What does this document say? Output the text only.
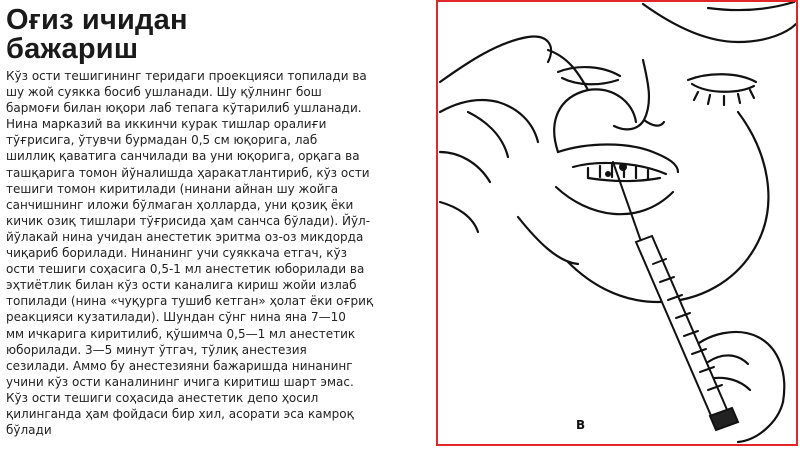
Оғиз ичидан
бажариш

Кўз ости тешигининг теридаги проекцияси топилади ва
шу жой суякка босиб ушланади. Шу қўлнинг бош
бармоғи билан юқори лаб тепага кўтарилиб ушланади.
Нина марказий ва иккинчи курак тишлар оралиғи
тўғрисига, ўтувчи бурмадан 0,5 см юқорига, лаб
шиллиқ қаватига санчилади ва уни юқорига, орқага ва
ташқарига томон йўналишда ҳаракатлантириб, кўз ости
тешиги томон киритилади (нинани айнан шу жойга
санчишнинг иложи бўлмаган ҳолларда, уни қозиқ ёки
кичик озиқ тишлари тўғрисида ҳам санчса бўлади). Йўл-
йўлакай нина учидан анестетик эритма оз-оз микдорда
чиқариб борилади. Нинанинг учи суяккача етгач, кўз
ости тешиги соҳасига 0,5-1 мл анестетик юборилади ва
эҳтиётлик билан кўз ости каналига кириш жойи излаб
топилади (нина «чуқурга тушиб кетган» ҳолат ёки оғриқ
реакцияси кузатилади). Шундан сўнг нина яна 7—10
мм ичкарига киритилиб, қўшимча 0,5—1 мл анестетик
юборилади. 3—5 минут ўтгач, тўлиқ анестезия
сезилади. Аммо бу анестезияни бажаришда нинанинг
учини кўз ости каналининг ичига киритиш шарт эмас.
Кўз ости тешиги соҳасида анестетик депо ҳосил
қилинганда ҳам фойдаси бир хил, асорати эса камроқ
бўлади	B
